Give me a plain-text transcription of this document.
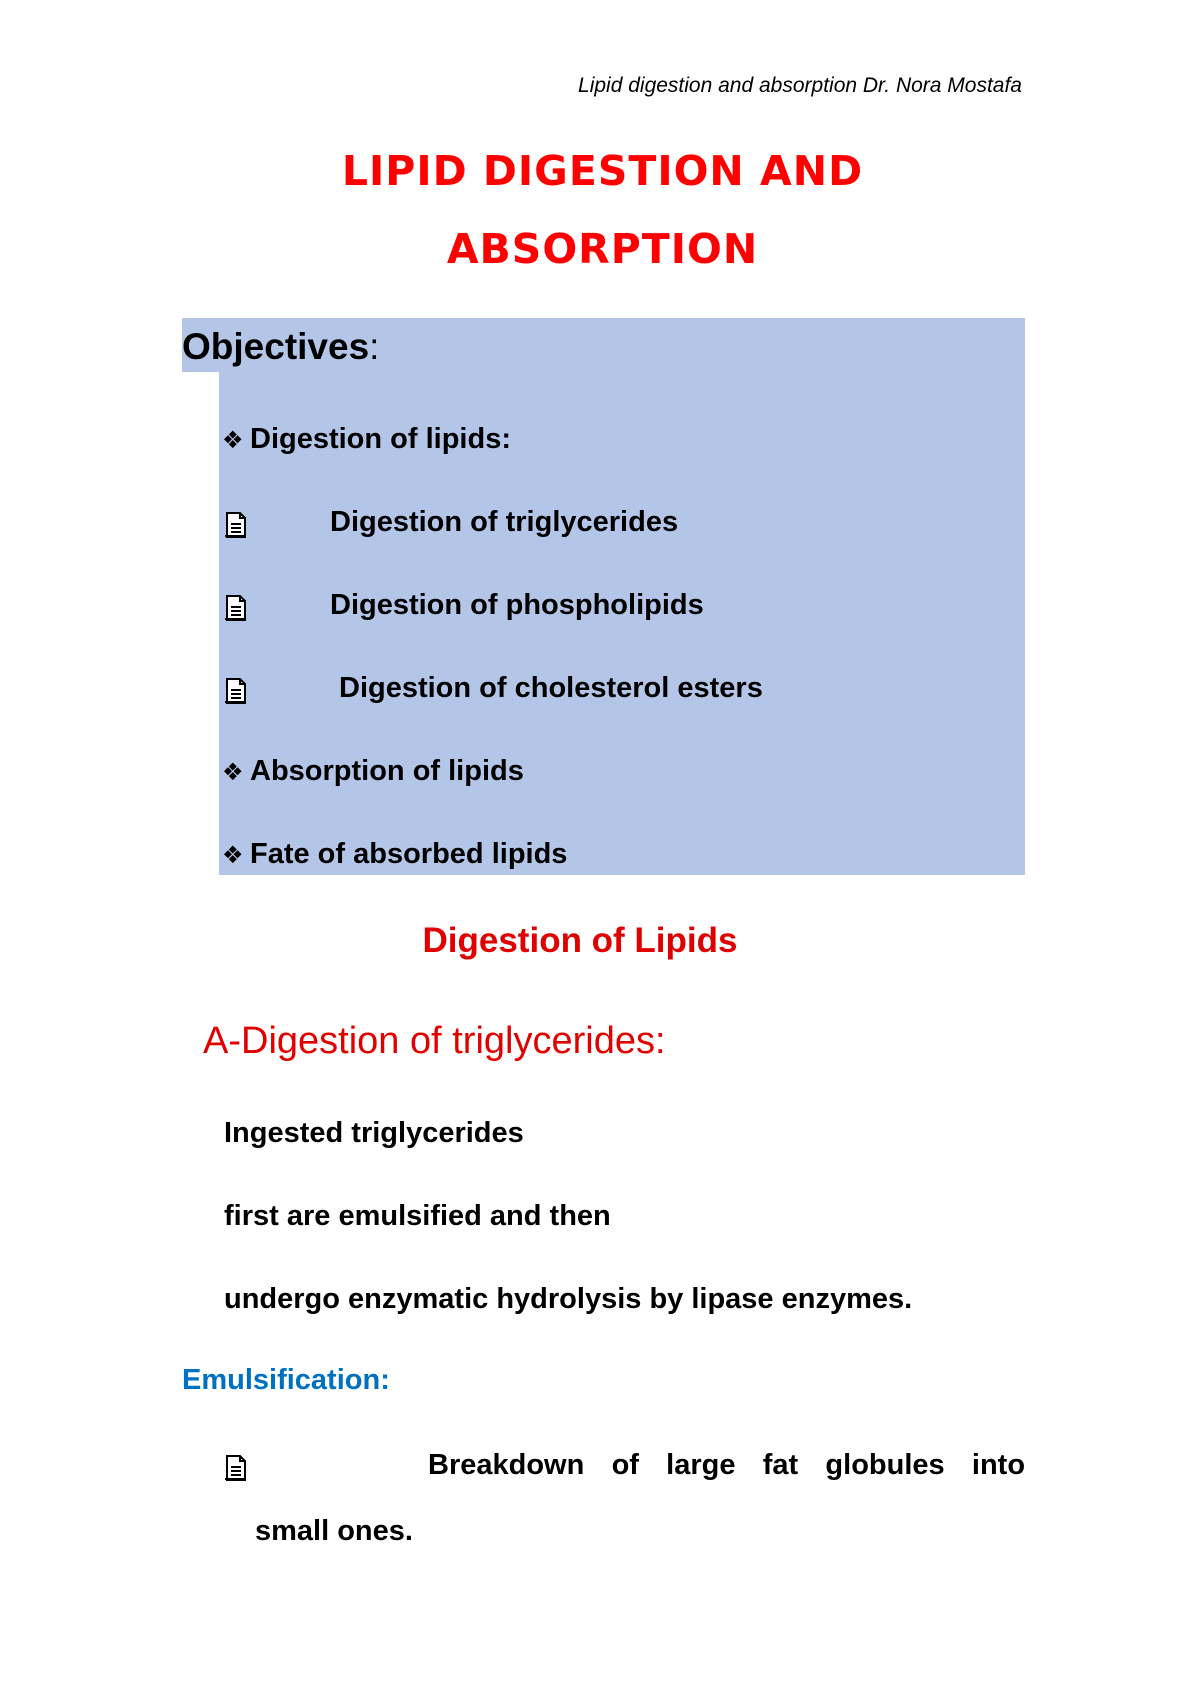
Lipid digestion and absorption Dr. Nora Mostafa
LIPID DIGESTION AND
ABSORPTION
Objectives:
❖ Digestion of lipids:
Digestion of triglycerides
Digestion of phospholipids
Digestion of cholesterol esters
❖ Absorption of lipids
❖ Fate of absorbed lipids
Digestion of Lipids
A-Digestion of triglycerides:
Ingested triglycerides
first are emulsified and then
undergo enzymatic hydrolysis by lipase enzymes.
Emulsification:
Breakdown of large fat globules into
small ones.
